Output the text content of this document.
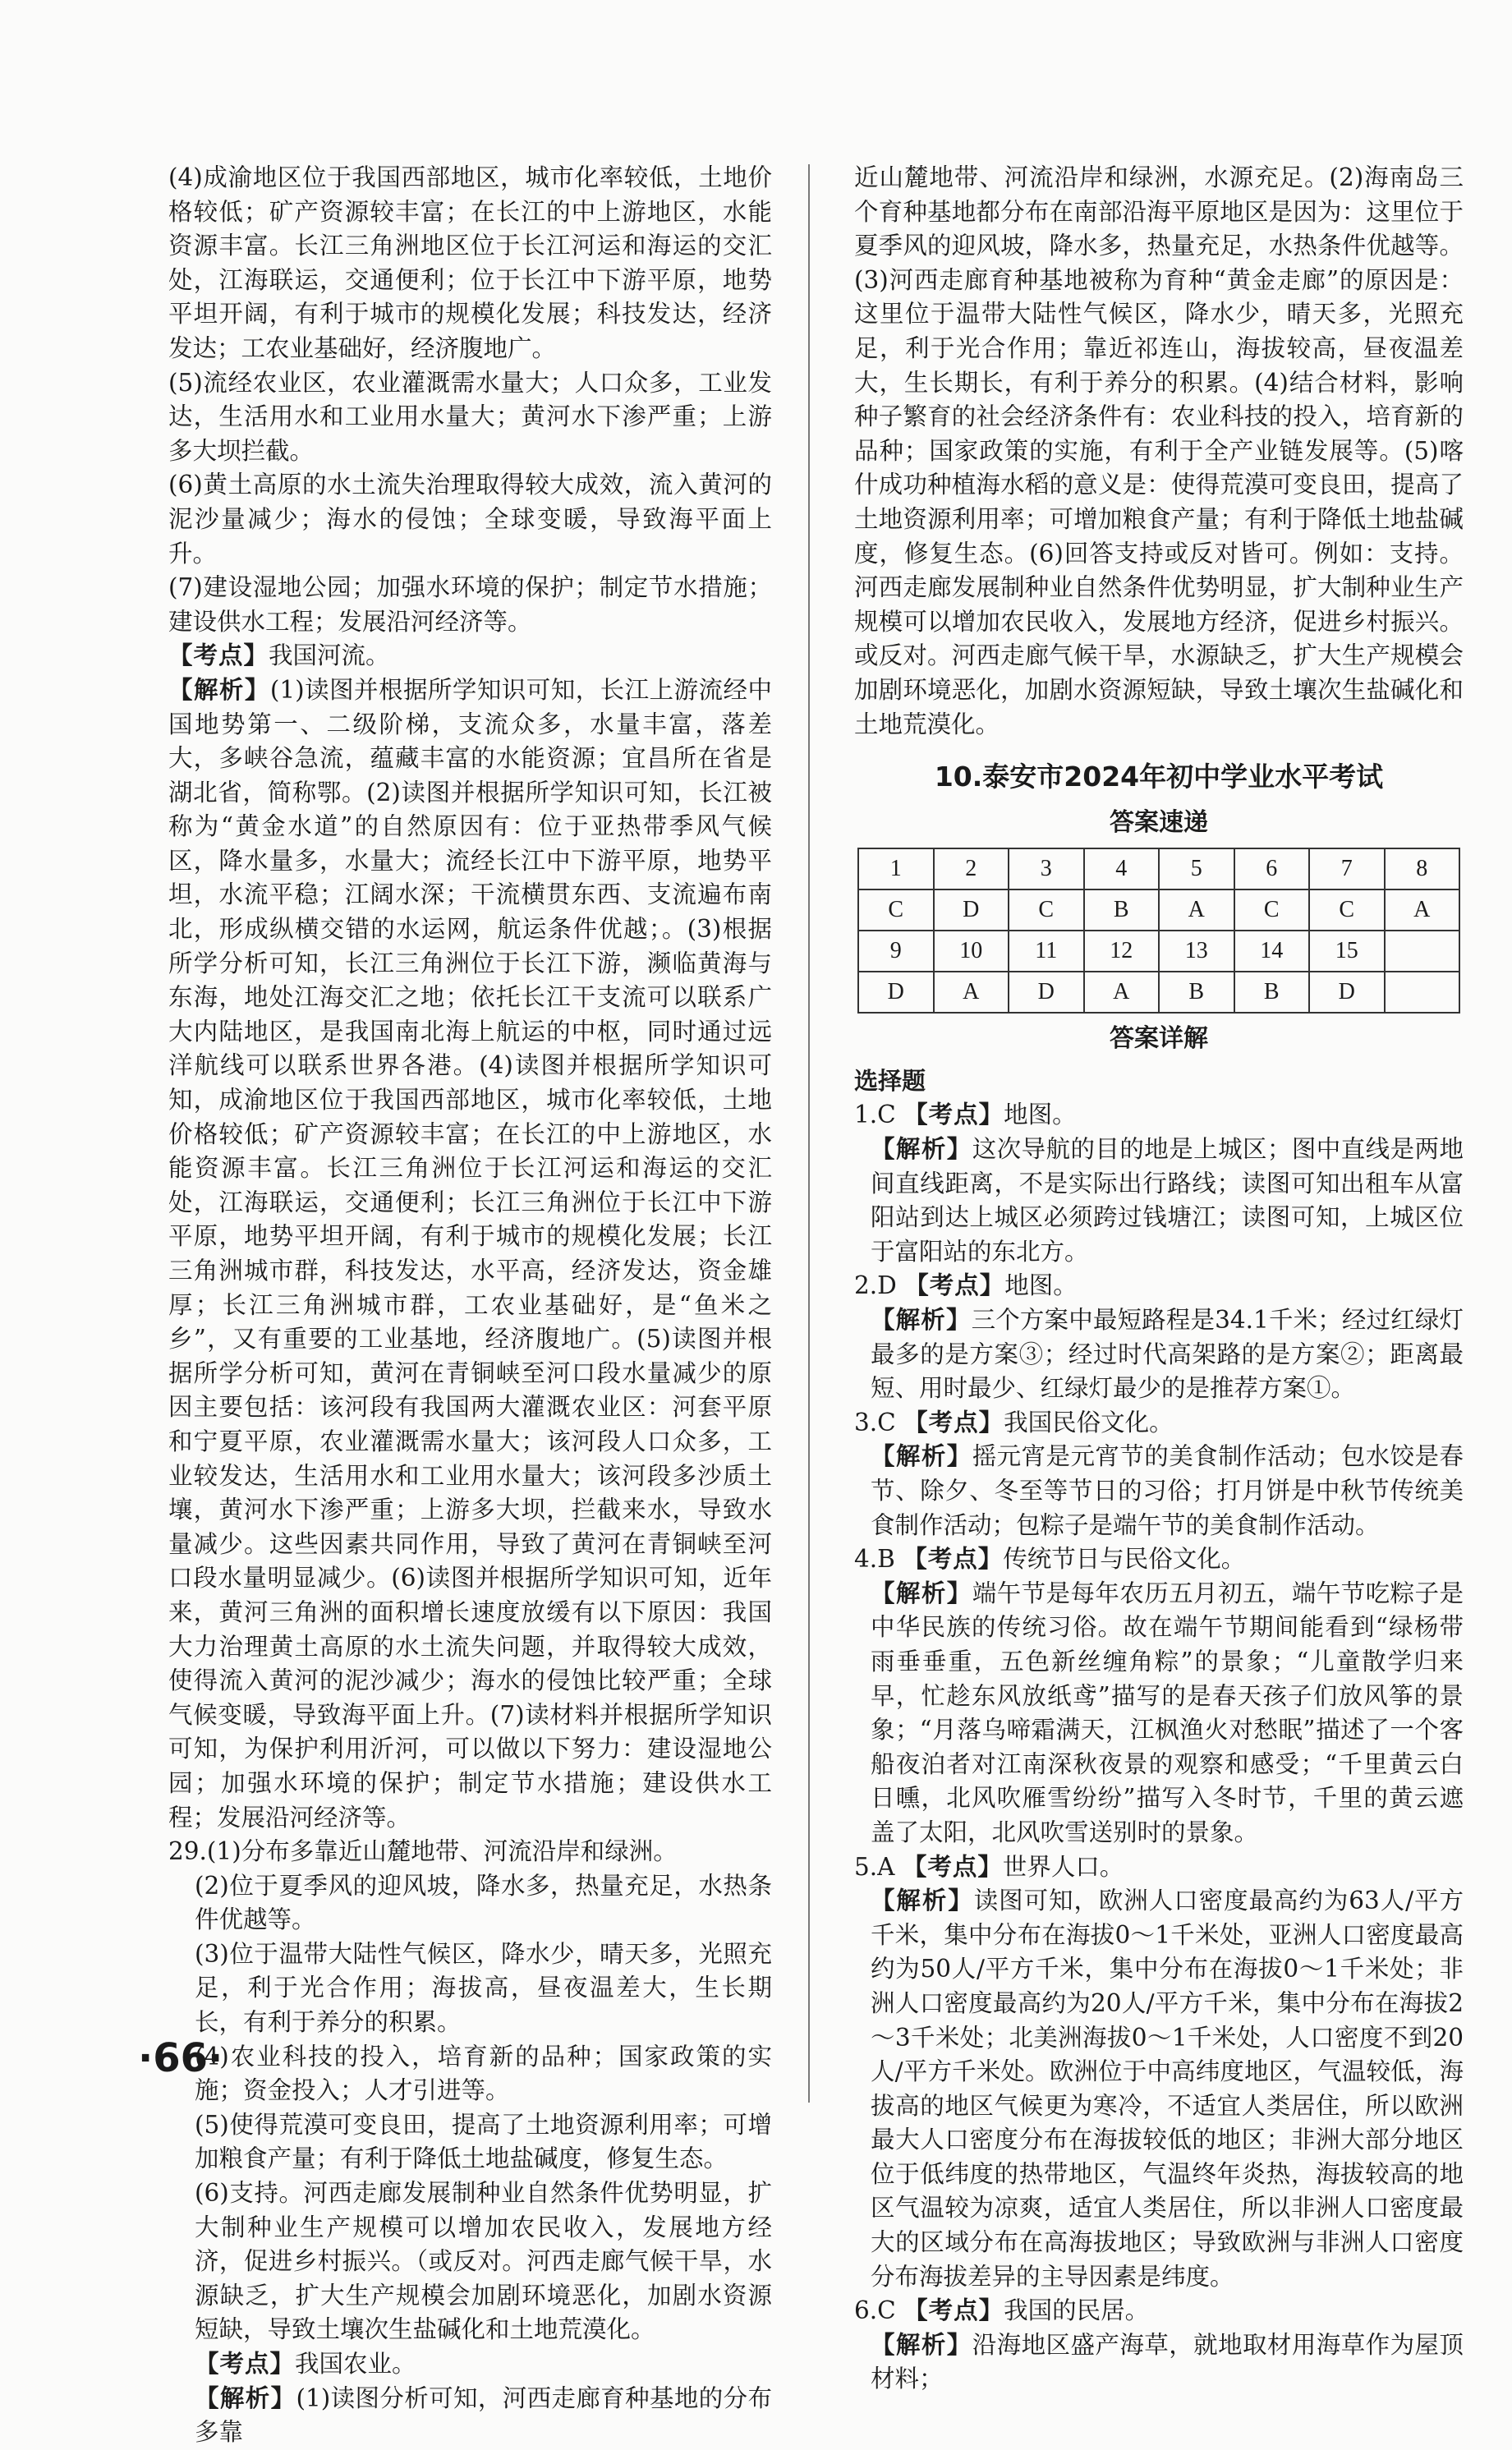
(4)成渝地区位于我国西部地区，城市化率较低，土地价格较低；矿产资源较丰富；在长江的中上游地区，水能资源丰富。长江三角洲地区位于长江河运和海运的交汇处，江海联运，交通便利；位于长江中下游平原，地势平坦开阔，有利于城市的规模化发展；科技发达，经济发达；工农业基础好，经济腹地广。

(5)流经农业区，农业灌溉需水量大；人口众多，工业发达，生活用水和工业用水量大；黄河水下渗严重；上游多大坝拦截。

(6)黄土高原的水土流失治理取得较大成效，流入黄河的泥沙量减少；海水的侵蚀；全球变暖，导致海平面上升。

(7)建设湿地公园；加强水环境的保护；制定节水措施；建设供水工程；发展沿河经济等。

【考点】我国河流。

【解析】(1)读图并根据所学知识可知，长江上游流经中国地势第一、二级阶梯，支流众多，水量丰富，落差大，多峡谷急流，蕴藏丰富的水能资源；宜昌所在省是湖北省，简称鄂。(2)读图并根据所学知识可知，长江被称为“黄金水道”的自然原因有：位于亚热带季风气候区，降水量多，水量大；流经长江中下游平原，地势平坦，水流平稳；江阔水深；干流横贯东西、支流遍布南北，形成纵横交错的水运网，航运条件优越；。(3)根据所学分析可知，长江三角洲位于长江下游，濒临黄海与东海，地处江海交汇之地；依托长江干支流可以联系广大内陆地区，是我国南北海上航运的中枢，同时通过远洋航线可以联系世界各港。(4)读图并根据所学知识可知，成渝地区位于我国西部地区，城市化率较低，土地价格较低；矿产资源较丰富；在长江的中上游地区，水能资源丰富。长江三角洲位于长江河运和海运的交汇处，江海联运，交通便利；长江三角洲位于长江中下游平原，地势平坦开阔，有利于城市的规模化发展；长江三角洲城市群，科技发达，水平高，经济发达，资金雄厚；长江三角洲城市群，工农业基础好，是“鱼米之乡”，又有重要的工业基地，经济腹地广。(5)读图并根据所学分析可知，黄河在青铜峡至河口段水量减少的原因主要包括：该河段有我国两大灌溉农业区：河套平原和宁夏平原，农业灌溉需水量大；该河段人口众多，工业较发达，生活用水和工业用水量大；该河段多沙质土壤，黄河水下渗严重；上游多大坝，拦截来水，导致水量减少。这些因素共同作用，导致了黄河在青铜峡至河口段水量明显减少。(6)读图并根据所学知识可知，近年来，黄河三角洲的面积增长速度放缓有以下原因：我国大力治理黄土高原的水土流失问题，并取得较大成效，使得流入黄河的泥沙减少；海水的侵蚀比较严重；全球气候变暖，导致海平面上升。(7)读材料并根据所学知识可知，为保护利用沂河，可以做以下努力：建设湿地公园；加强水环境的保护；制定节水措施；建设供水工程；发展沿河经济等。

29.(1)分布多靠近山麓地带、河流沿岸和绿洲。

(2)位于夏季风的迎风坡，降水多，热量充足，水热条件优越等。

(3)位于温带大陆性气候区，降水少，晴天多，光照充足，利于光合作用；海拔高，昼夜温差大，生长期长，有利于养分的积累。

(4)农业科技的投入，培育新的品种；国家政策的实施；资金投入；人才引进等。

(5)使得荒漠可变良田，提高了土地资源利用率；可增加粮食产量；有利于降低土地盐碱度，修复生态。

(6)支持。河西走廊发展制种业自然条件优势明显，扩大制种业生产规模可以增加农民收入，发展地方经济，促进乡村振兴。（或反对。河西走廊气候干旱，水源缺乏，扩大生产规模会加剧环境恶化，加剧水资源短缺，导致土壤次生盐碱化和土地荒漠化。

【考点】我国农业。

【解析】(1)读图分析可知，河西走廊育种基地的分布多靠

近山麓地带、河流沿岸和绿洲，水源充足。(2)海南岛三个育种基地都分布在南部沿海平原地区是因为：这里位于夏季风的迎风坡，降水多，热量充足，水热条件优越等。(3)河西走廊育种基地被称为育种“黄金走廊”的原因是：这里位于温带大陆性气候区，降水少，晴天多，光照充足，利于光合作用；靠近祁连山，海拔较高，昼夜温差大，生长期长，有利于养分的积累。(4)结合材料，影响种子繁育的社会经济条件有：农业科技的投入，培育新的品种；国家政策的实施，有利于全产业链发展等。(5)喀什成功种植海水稻的意义是：使得荒漠可变良田，提高了土地资源利用率；可增加粮食产量；有利于降低土地盐碱度，修复生态。(6)回答支持或反对皆可。例如：支持。河西走廊发展制种业自然条件优势明显，扩大制种业生产规模可以增加农民收入，发展地方经济，促进乡村振兴。或反对。河西走廊气候干旱，水源缺乏，扩大生产规模会加剧环境恶化，加剧水资源短缺，导致土壤次生盐碱化和土地荒漠化。

10.泰安市2024年初中学业水平考试
答案速递
1	2	3	4	5	6	7	8
C	D	C	B	A	C	C	A
9	10	11	12	13	14	15	
D	A	D	A	B	B	D	
答案详解
选择题

1.C 【考点】地图。

【解析】这次导航的目的地是上城区；图中直线是两地间直线距离，不是实际出行路线；读图可知出租车从富阳站到达上城区必须跨过钱塘江；读图可知，上城区位于富阳站的东北方。

2.D 【考点】地图。

【解析】三个方案中最短路程是34.1千米；经过红绿灯最多的是方案③；经过时代高架路的是方案②；距离最短、用时最少、红绿灯最少的是推荐方案①。

3.C 【考点】我国民俗文化。

【解析】摇元宵是元宵节的美食制作活动；包水饺是春节、除夕、冬至等节日的习俗；打月饼是中秋节传统美食制作活动；包粽子是端午节的美食制作活动。

4.B 【考点】传统节日与民俗文化。

【解析】端午节是每年农历五月初五，端午节吃粽子是中华民族的传统习俗。故在端午节期间能看到“绿杨带雨垂垂重，五色新丝缠角粽”的景象；“儿童散学归来早，忙趁东风放纸鸢”描写的是春天孩子们放风筝的景象；“月落乌啼霜满天，江枫渔火对愁眠”描述了一个客船夜泊者对江南深秋夜景的观察和感受；“千里黄云白日曛，北风吹雁雪纷纷”描写入冬时节，千里的黄云遮盖了太阳，北风吹雪送别时的景象。

5.A 【考点】世界人口。

【解析】读图可知，欧洲人口密度最高约为63人/平方千米，集中分布在海拔0～1千米处，亚洲人口密度最高约为50人/平方千米，集中分布在海拔0～1千米处；非洲人口密度最高约为20人/平方千米，集中分布在海拔2～3千米处；北美洲海拔0～1千米处，人口密度不到20人/平方千米处。欧洲位于中高纬度地区，气温较低，海拔高的地区气候更为寒冷，不适宜人类居住，所以欧洲最大人口密度分布在海拔较低的地区；非洲大部分地区位于低纬度的热带地区，气温终年炎热，海拔较高的地区气温较为凉爽，适宜人类居住，所以非洲人口密度最大的区域分布在高海拔地区；导致欧洲与非洲人口密度分布海拔差异的主导因素是纬度。

6.C 【考点】我国的民居。

【解析】沿海地区盛产海草，就地取材用海草作为屋顶材料；

·66·
